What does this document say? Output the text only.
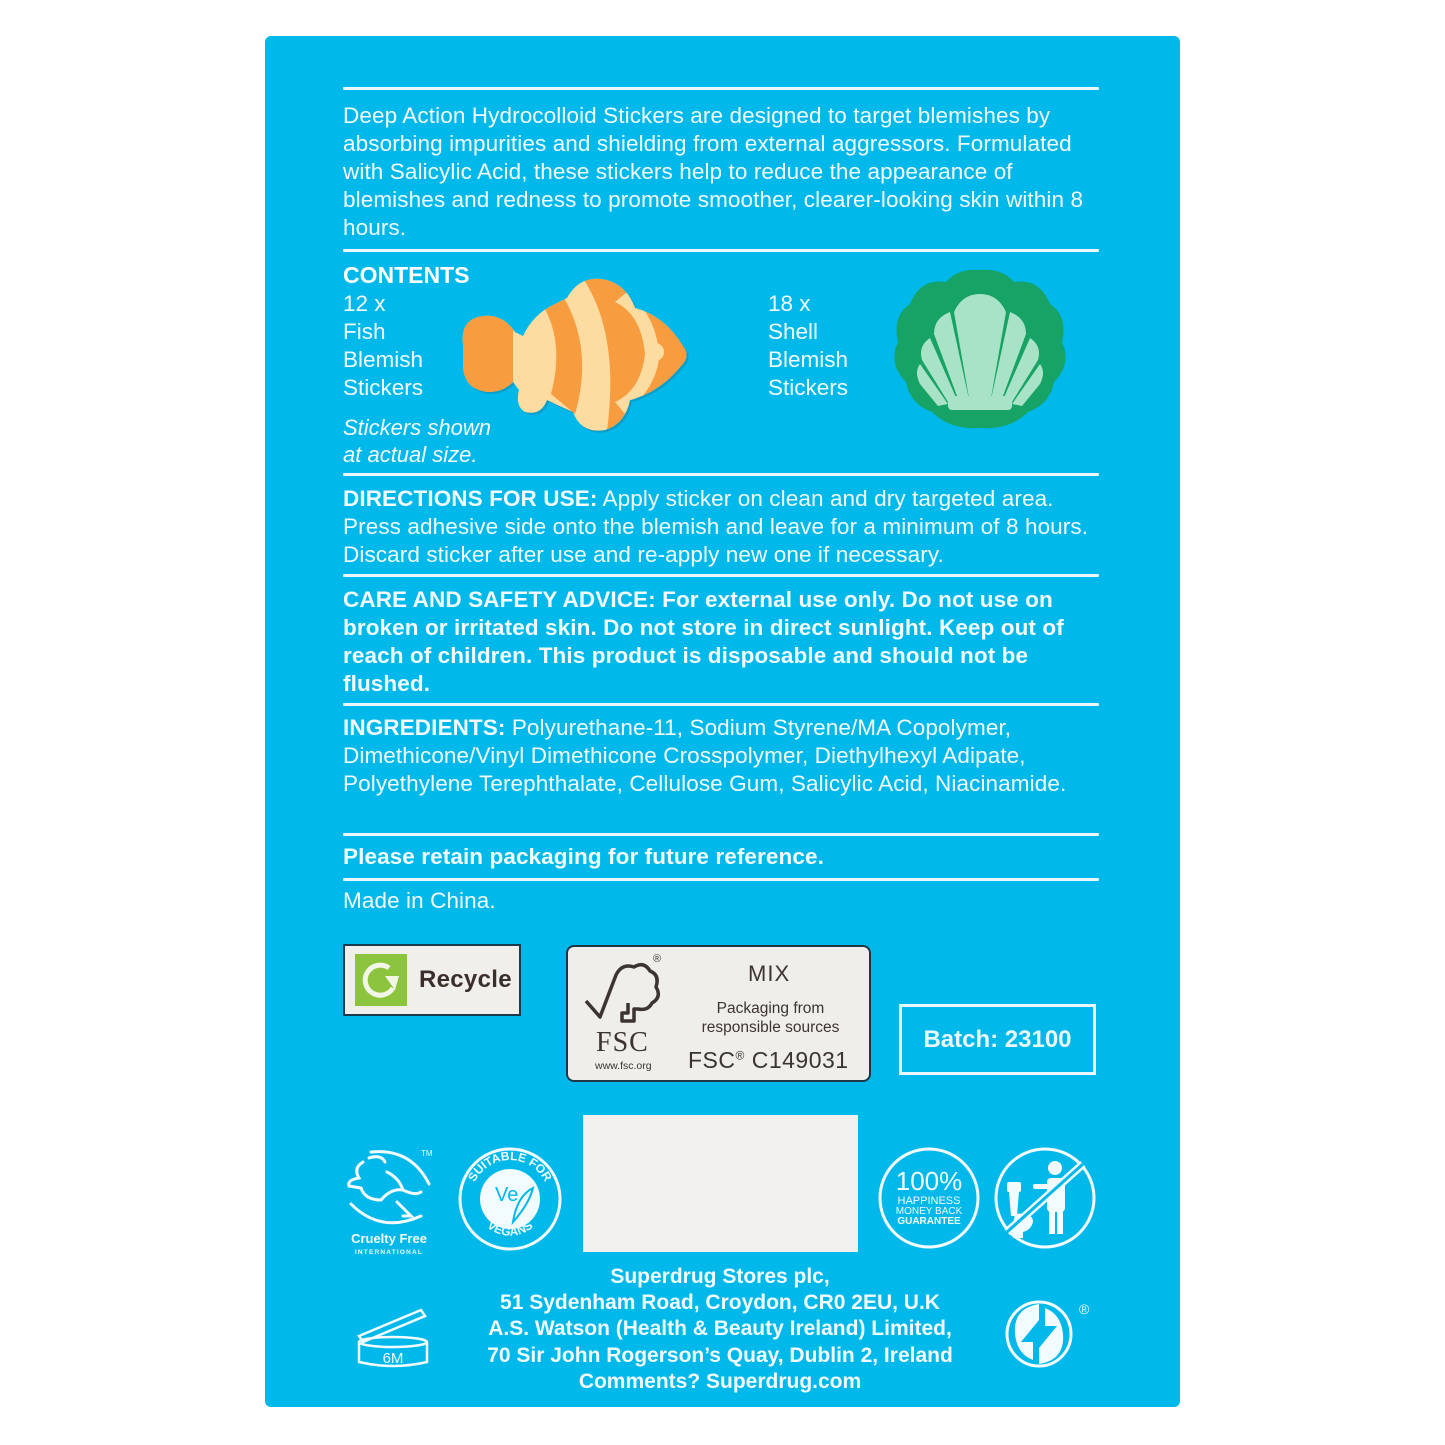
Deep Action Hydrocolloid Stickers are designed to target blemishes by absorbing impurities and shielding from external aggressors. Formulated with Salicylic Acid, these stickers help to reduce the appearance of blemishes and redness to promote smoother, clearer-looking skin within 8 hours.
CONTENTS
12 x
Fish
Blemish
Stickers
Stickers shown
at actual size.
18 x
Shell
Blemish
Stickers
DIRECTIONS FOR USE: Apply sticker on clean and dry targeted area. Press adhesive side onto the blemish and leave for a minimum of 8 hours. Discard sticker after use and re-apply new one if necessary.
CARE AND SAFETY ADVICE: For external use only. Do not use on broken or irritated skin. Do not store in direct sunlight. Keep out of reach of children. This product is disposable and should not be flushed.
INGREDIENTS: Polyurethane-11, Sodium Styrene/MA Copolymer, Dimethicone/Vinyl Dimethicone Crosspolymer, Diethylhexyl Adipate, Polyethylene Terephthalate, Cellulose Gum, Salicylic Acid, Niacinamide.
Please retain packaging for future reference.
Made in China.
Recycle
®
FSC
www.fsc.org
MIX
Packaging from
responsible sources
FSC® C149031
Batch: 23100
TM
Cruelty Free
INTERNATIONAL
SUITABLE FOR
VEGANS
Ve	100%
HAPPINESS
MONEY BACK
GUARANTEE
6M
Superdrug Stores plc,
51 Sydenham Road, Croydon, CR0 2EU, U.K
A.S. Watson (Health & Beauty Ireland) Limited,
70 Sir John Rogerson’s Quay, Dublin 2, Ireland
Comments? Superdrug.com
®
